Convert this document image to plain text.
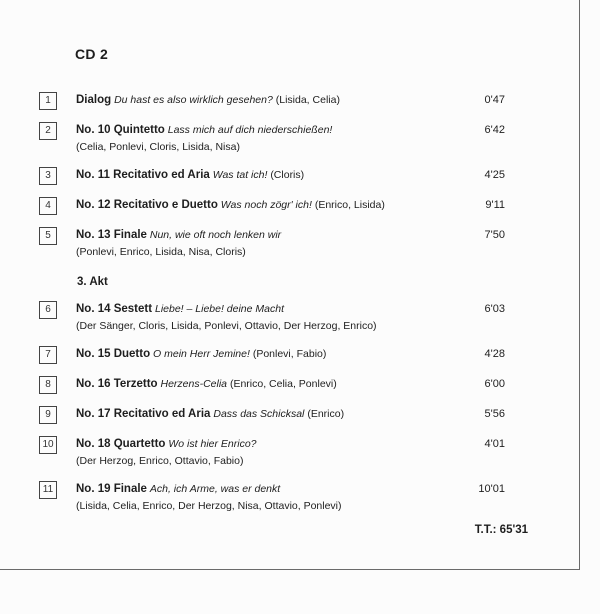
CD 2
1	Dialog Du hast es also wirklich gesehen? (Lisida, Celia)	0'47
2	No. 10 Quintetto Lass mich auf dich niederschießen!
(Celia, Ponlevi, Cloris, Lisida, Nisa)
6'42
3	No. 11 Recitativo ed Aria Was tat ich! (Cloris)	4'25
4	No. 12 Recitativo e Duetto Was noch zögr' ich! (Enrico, Lisida)	9'11
5	No. 13 Finale Nun, wie oft noch lenken wir
(Ponlevi, Enrico, Lisida, Nisa, Cloris)
7'50
3. Akt
6	No. 14 Sestett Liebe! – Liebe! deine Macht
(Der Sänger, Cloris, Lisida, Ponlevi, Ottavio, Der Herzog, Enrico)
6'03
7	No. 15 Duetto O mein Herr Jemine! (Ponlevi, Fabio)	4'28
8	No. 16 Terzetto Herzens-Celia (Enrico, Celia, Ponlevi)	6'00
9	No. 17 Recitativo ed Aria Dass das Schicksal (Enrico)	5'56
10 No. 18 Quartetto Wo ist hier Enrico?
(Der Herzog, Enrico, Ottavio, Fabio)
4'01
11	No. 19 Finale Ach, ich Arme, was er denkt
(Lisida, Celia, Enrico, Der Herzog, Nisa, Ottavio, Ponlevi)
10'01
T.T.: 65'31
